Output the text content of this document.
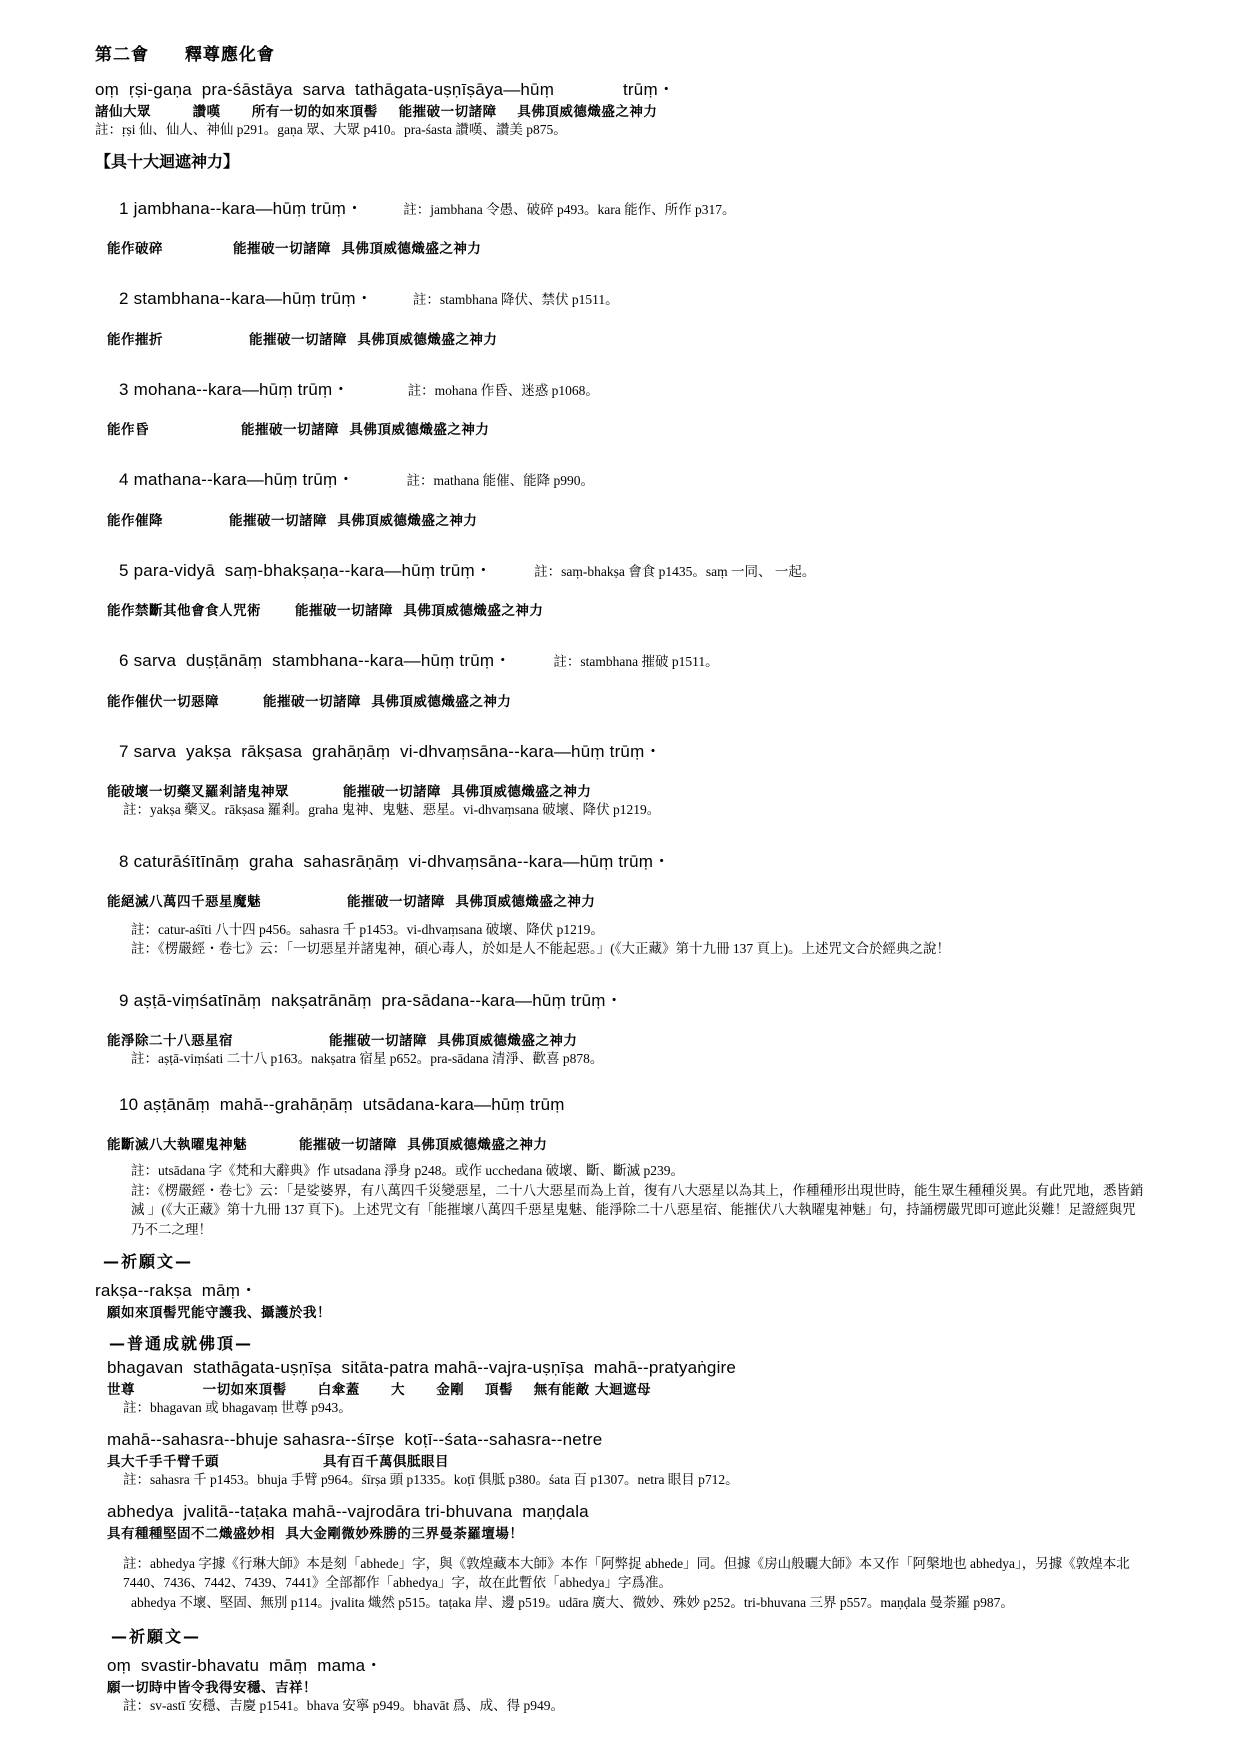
第二會 釋尊應化會
oṃ  ṛṣi-gaṇa  pra-śāstāya  sarva  tathāgata-uṣṇīṣāya—hūṃ              trūṃ・
諸仙大眾        讚嘆      所有一切的如來頂髻    能摧破一切諸障    具佛頂威德熾盛之神力
註：ṛṣi 仙、仙人、神仙 p291。gaṇa 眾、大眾 p410。pra-śasta 讚嘆、讚美 p875。
【具十大迴遮神力】

1 jambhana--kara—hūṃ trūṃ・	註：jambhana 令愚、破碎 p493。kara 能作、所作 p317。

能作破碎	能摧破一切諸障  具佛頂威德熾盛之神力

2 stambhana--kara—hūṃ trūṃ・	註：stambhana 降伏、禁伏 p1511。

能作摧折	能摧破一切諸障  具佛頂威德熾盛之神力

3 mohana--kara—hūṃ trūṃ・	註：mohana 作昏、迷惑 p1068。

能作昏	能摧破一切諸障  具佛頂威德熾盛之神力

4 mathana--kara—hūṃ trūṃ・	註：mathana 能催、能降 p990。

能作催降	能摧破一切諸障  具佛頂威德熾盛之神力

5 para-vidyā  saṃ-bhakṣaṇa--kara—hūṃ trūṃ・	註：saṃ-bhakṣa 會食 p1435。saṃ 一同、 一起。

能作禁斷其他會食人咒術	能摧破一切諸障  具佛頂威德熾盛之神力

6 sarva  duṣṭānāṃ  stambhana--kara—hūṃ trūṃ・	註：stambhana 摧破 p1511。

能作催伏一切惡障	能摧破一切諸障  具佛頂威德熾盛之神力

7 sarva  yakṣa  rākṣasa  grahāṇāṃ  vi-dhvaṃsāna--kara—hūṃ trūṃ・

能破壞一切藥叉羅剎諸鬼神眾	能摧破一切諸障  具佛頂威德熾盛之神力
註：yakṣa 藥叉。rākṣasa 羅剎。graha 鬼神、鬼魅、惡星。vi-dhvaṃsana 破壞、降伏 p1219。

8 caturāśītīnāṃ  graha  sahasrāṇāṃ  vi-dhvaṃsāna--kara—hūṃ trūṃ・

能絕滅八萬四千惡星魔魅	能摧破一切諸障  具佛頂威德熾盛之神力
註：catur-aśīti 八十四 p456。sahasra 千 p1453。vi-dhvaṃsana 破壞、降伏 p1219。
註：《楞嚴經・卷七》云：「一切惡星并諸鬼神，碩心毒人，於如是人不能起惡。」(《大正藏》第十九冊 137 頁上)。上述咒文合於經典之說！

9 aṣṭā-viṃśatīnāṃ  nakṣatrānāṃ  pra-sādana--kara—hūṃ trūṃ・

能淨除二十八惡星宿	能摧破一切諸障  具佛頂威德熾盛之神力
註：aṣṭā-viṃśati 二十八 p163。nakṣatra 宿星 p652。pra-sādana 清淨、歡喜 p878。

10 aṣṭānāṃ  mahā--grahāṇāṃ  utsādana-kara—hūṃ trūṃ

能斷滅八大執曜鬼神魅	能摧破一切諸障  具佛頂威德熾盛之神力
註：utsādana 字《梵和大辭典》作 utsadana 淨身 p248。或作 ucchedana 破壞、斷、斷滅 p239。
註：《楞嚴經・卷七》云：「是娑婆界，有八萬四千災變惡星，二十八大惡星而為上首，復有八大惡星以為其上，作種種形出現世時，能生眾生種種災異。有此咒地，悉皆銷滅 」(《大正藏》第十九冊 137 頁下)。上述咒文有「能摧壞八萬四千惡星鬼魅、能淨除二十八惡星宿、能摧伏八大執曜鬼神魅」句，持誦楞嚴咒即可遮此災難！足證經與咒乃不二之理！
—祈願文—
rakṣa--rakṣa  māṃ・
願如來頂髻咒能守護我、攝護於我！
—普通成就佛頂—
bhagavan  stathāgata-uṣṇīṣa  sitāta-patra mahā--vajra-uṣṇīṣa  mahā--pratyaṅgire
世尊             一切如來頂髻      白傘蓋      大      金剛    頂髻    無有能敵 大迴遮母
註：bhagavan 或 bhagavaṃ 世尊 p943。
mahā--sahasra--bhuje sahasra--śīrṣe  koṭī--śata--sahasra--netre
具大千手千臂千頭                    具有百千萬俱胝眼目
註：sahasra 千 p1453。bhuja 手臂 p964。śīrṣa 頭 p1335。koṭī 俱胝 p380。śata 百 p1307。netra 眼目 p712。
abhedya  jvalitā--taṭaka mahā--vajrodāra tri-bhuvana  maṇḍala
具有種種堅固不二熾盛妙相  具大金剛微妙殊勝的三界曼荼羅壇場！
註：abhedya 字據《行琳大師》本是刻「abhede」字，與《敦煌藏本大師》本作「阿弊捉 abhede」同。但據《房山般曬大師》本又作「阿槃地也 abhedya」，另據《敦煌本北 7440、7436、7442、7439、7441》全部都作「abhedya」字，故在此暫依「abhedya」字爲准。
abhedya 不壞、堅固、無別 p114。jvalita 熾然 p515。taṭaka 岸、邊 p519。udāra 廣大、微妙、殊妙 p252。tri-bhuvana 三界 p557。maṇḍala 曼荼羅 p987。
—祈願文—
oṃ  svastir-bhavatu  māṃ  mama・
願一切時中皆令我得安穩、吉祥！
註：sv-astī 安穩、吉慶 p1541。bhava 安寧 p949。bhavāt 爲、成、得 p949。
